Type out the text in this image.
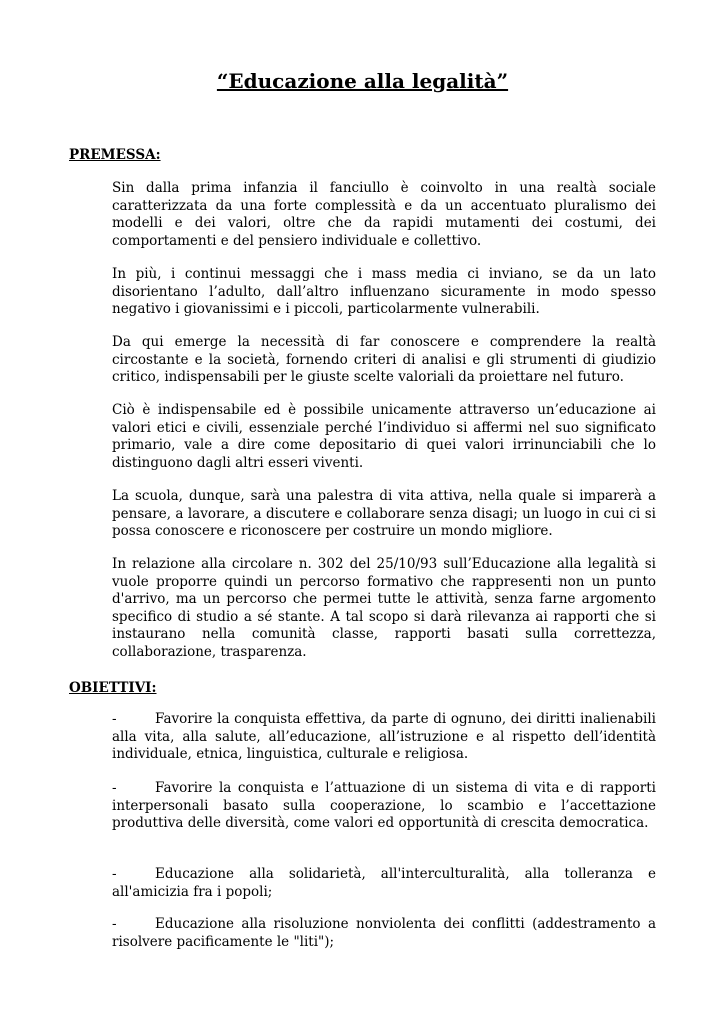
“Educazione alla legalità”
PREMESSA:

Sin dalla prima infanzia il fanciullo è coinvolto in una realtà sociale caratterizzata da una forte complessità e da un accentuato pluralismo dei modelli e dei valori, oltre che da rapidi mutamenti dei costumi, dei comportamenti e del pensiero individuale e collettivo.

In più, i continui messaggi che i mass media ci inviano, se da un lato disorientano l’adulto, dall’altro influenzano sicuramente in modo spesso negativo i giovanissimi e i piccoli, particolarmente vulnerabili.

Da qui emerge la necessità di far conoscere e comprendere la realtà circostante e la società, fornendo criteri di analisi e gli strumenti di giudizio critico, indispensabili per le giuste scelte valoriali da proiettare nel futuro.

Ciò è indispensabile ed è possibile unicamente attraverso un’educazione ai valori etici e civili, essenziale perché l’individuo si affermi nel suo significato primario, vale a dire come depositario di quei valori irrinunciabili che lo distinguono dagli altri esseri viventi.

La scuola, dunque, sarà una palestra di vita attiva, nella quale si imparerà a pensare, a lavorare, a discutere e collaborare senza disagi; un luogo in cui ci si possa conoscere e riconoscere per costruire un mondo migliore.

In relazione alla circolare n. 302 del 25/10/93 sull’Educazione alla legalità si vuole proporre quindi un percorso formativo che rappresenti non un punto d'arrivo, ma un percorso che permei tutte le attività, senza farne argomento specifico di studio a sé stante. A tal scopo si darà rilevanza ai rapporti che si instaurano nella comunità classe, rapporti basati sulla correttezza, collaborazione, trasparenza.

OBIETTIVI:

-	Favorire la conquista effettiva, da parte di ognuno, dei diritti inalienabili alla vita, alla salute, all’educazione, all’istruzione e al rispetto dell’identità individuale, etnica, linguistica, culturale e religiosa.

-	Favorire la conquista e l’attuazione di un sistema di vita e di rapporti interpersonali basato sulla cooperazione, lo scambio e l’accettazione produttiva delle diversità, come valori ed opportunità di crescita democratica.

-	Educazione alla solidarietà, all'interculturalità, alla tolleranza e all'amicizia fra i popoli;

-	Educazione alla risoluzione nonviolenta dei conflitti (addestramento a risolvere pacificamente le "liti");
